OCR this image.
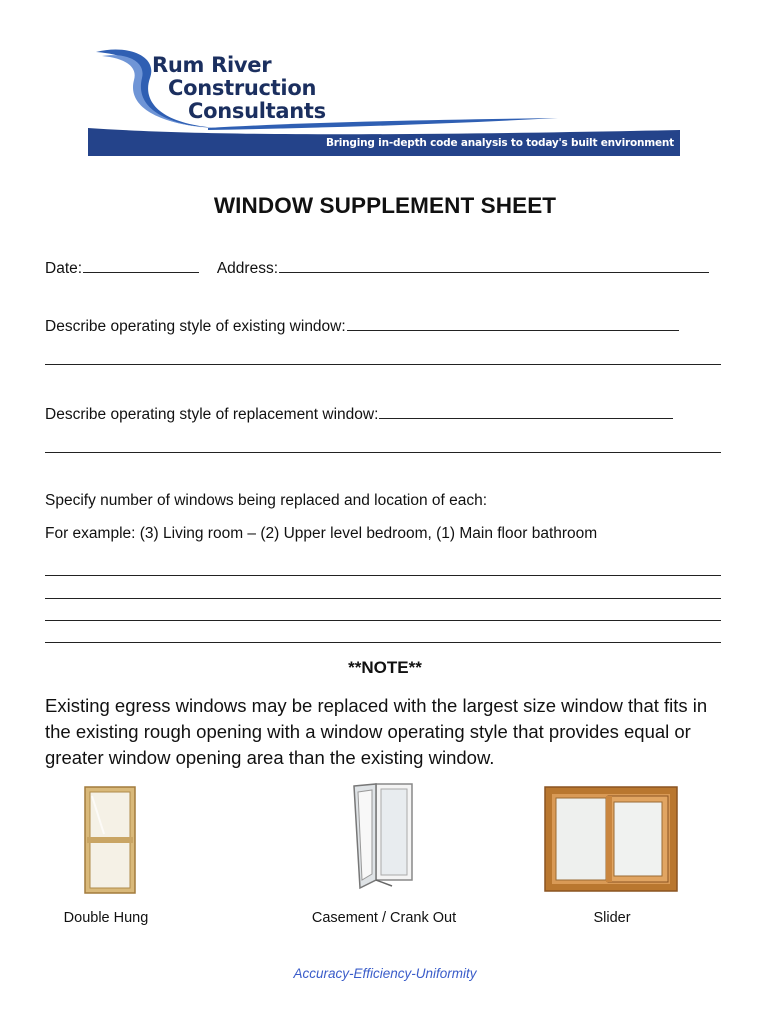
Rum River
Construction
Consultants
Bringing in-depth code analysis to today's built environment
WINDOW SUPPLEMENT SHEET
Date:	Address:
Describe operating style of existing window:
Describe operating style of replacement window:
Specify number of windows being replaced and location of each:
For example: (3) Living room – (2) Upper level bedroom, (1) Main floor bathroom
**NOTE**
Existing egress windows may be replaced with the largest size window that fits in the existing rough opening with a window operating style that provides equal or greater window opening area than the existing window.
Double Hung	Casement / Crank Out	Slider
Accuracy-Efficiency-Uniformity
